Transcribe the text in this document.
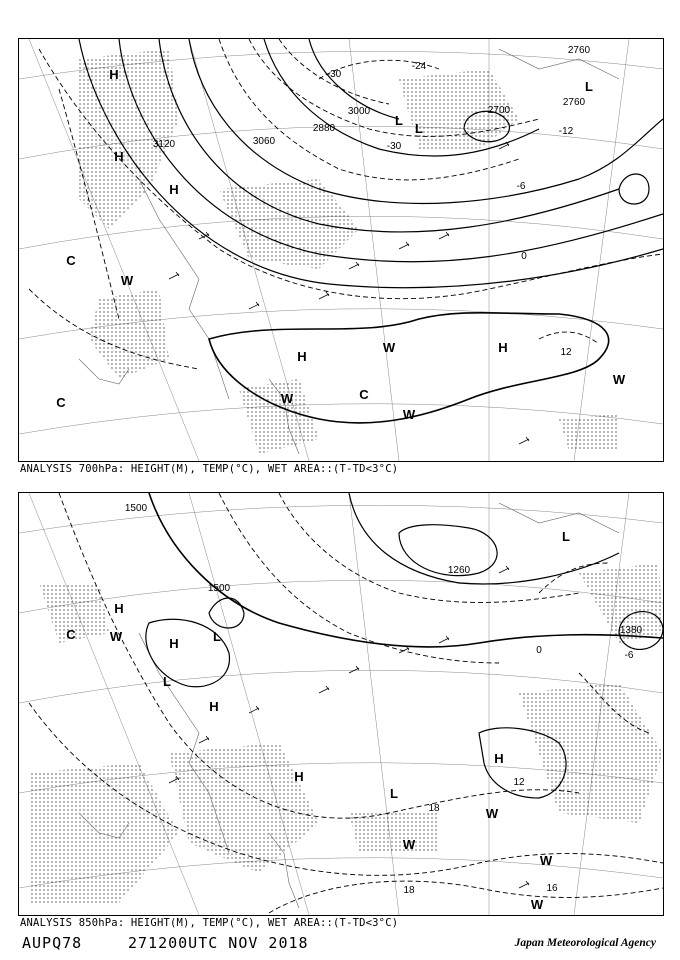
H
H
H
H
H
L
L
C
C
C
W
W
W
W
W
L
3120	3060
3000
2880
2760
2760
2700
-30
-24
-30
-12
-6
0
12
ANALYSIS 700hPa: HEIGHT(M), TEMP(°C), WET AREA::(T-TD<3°C)
H
H
H
H
H
L
L
L
C	W
W
W
W
W
L
1500
1500
1260
1380
0	-6
12
18
18	16
ANALYSIS 850hPa: HEIGHT(M), TEMP(°C), WET AREA::(T-TD<3°C)
AUPQ78	271200UTC NOV 2018	Japan Meteorological Agency
